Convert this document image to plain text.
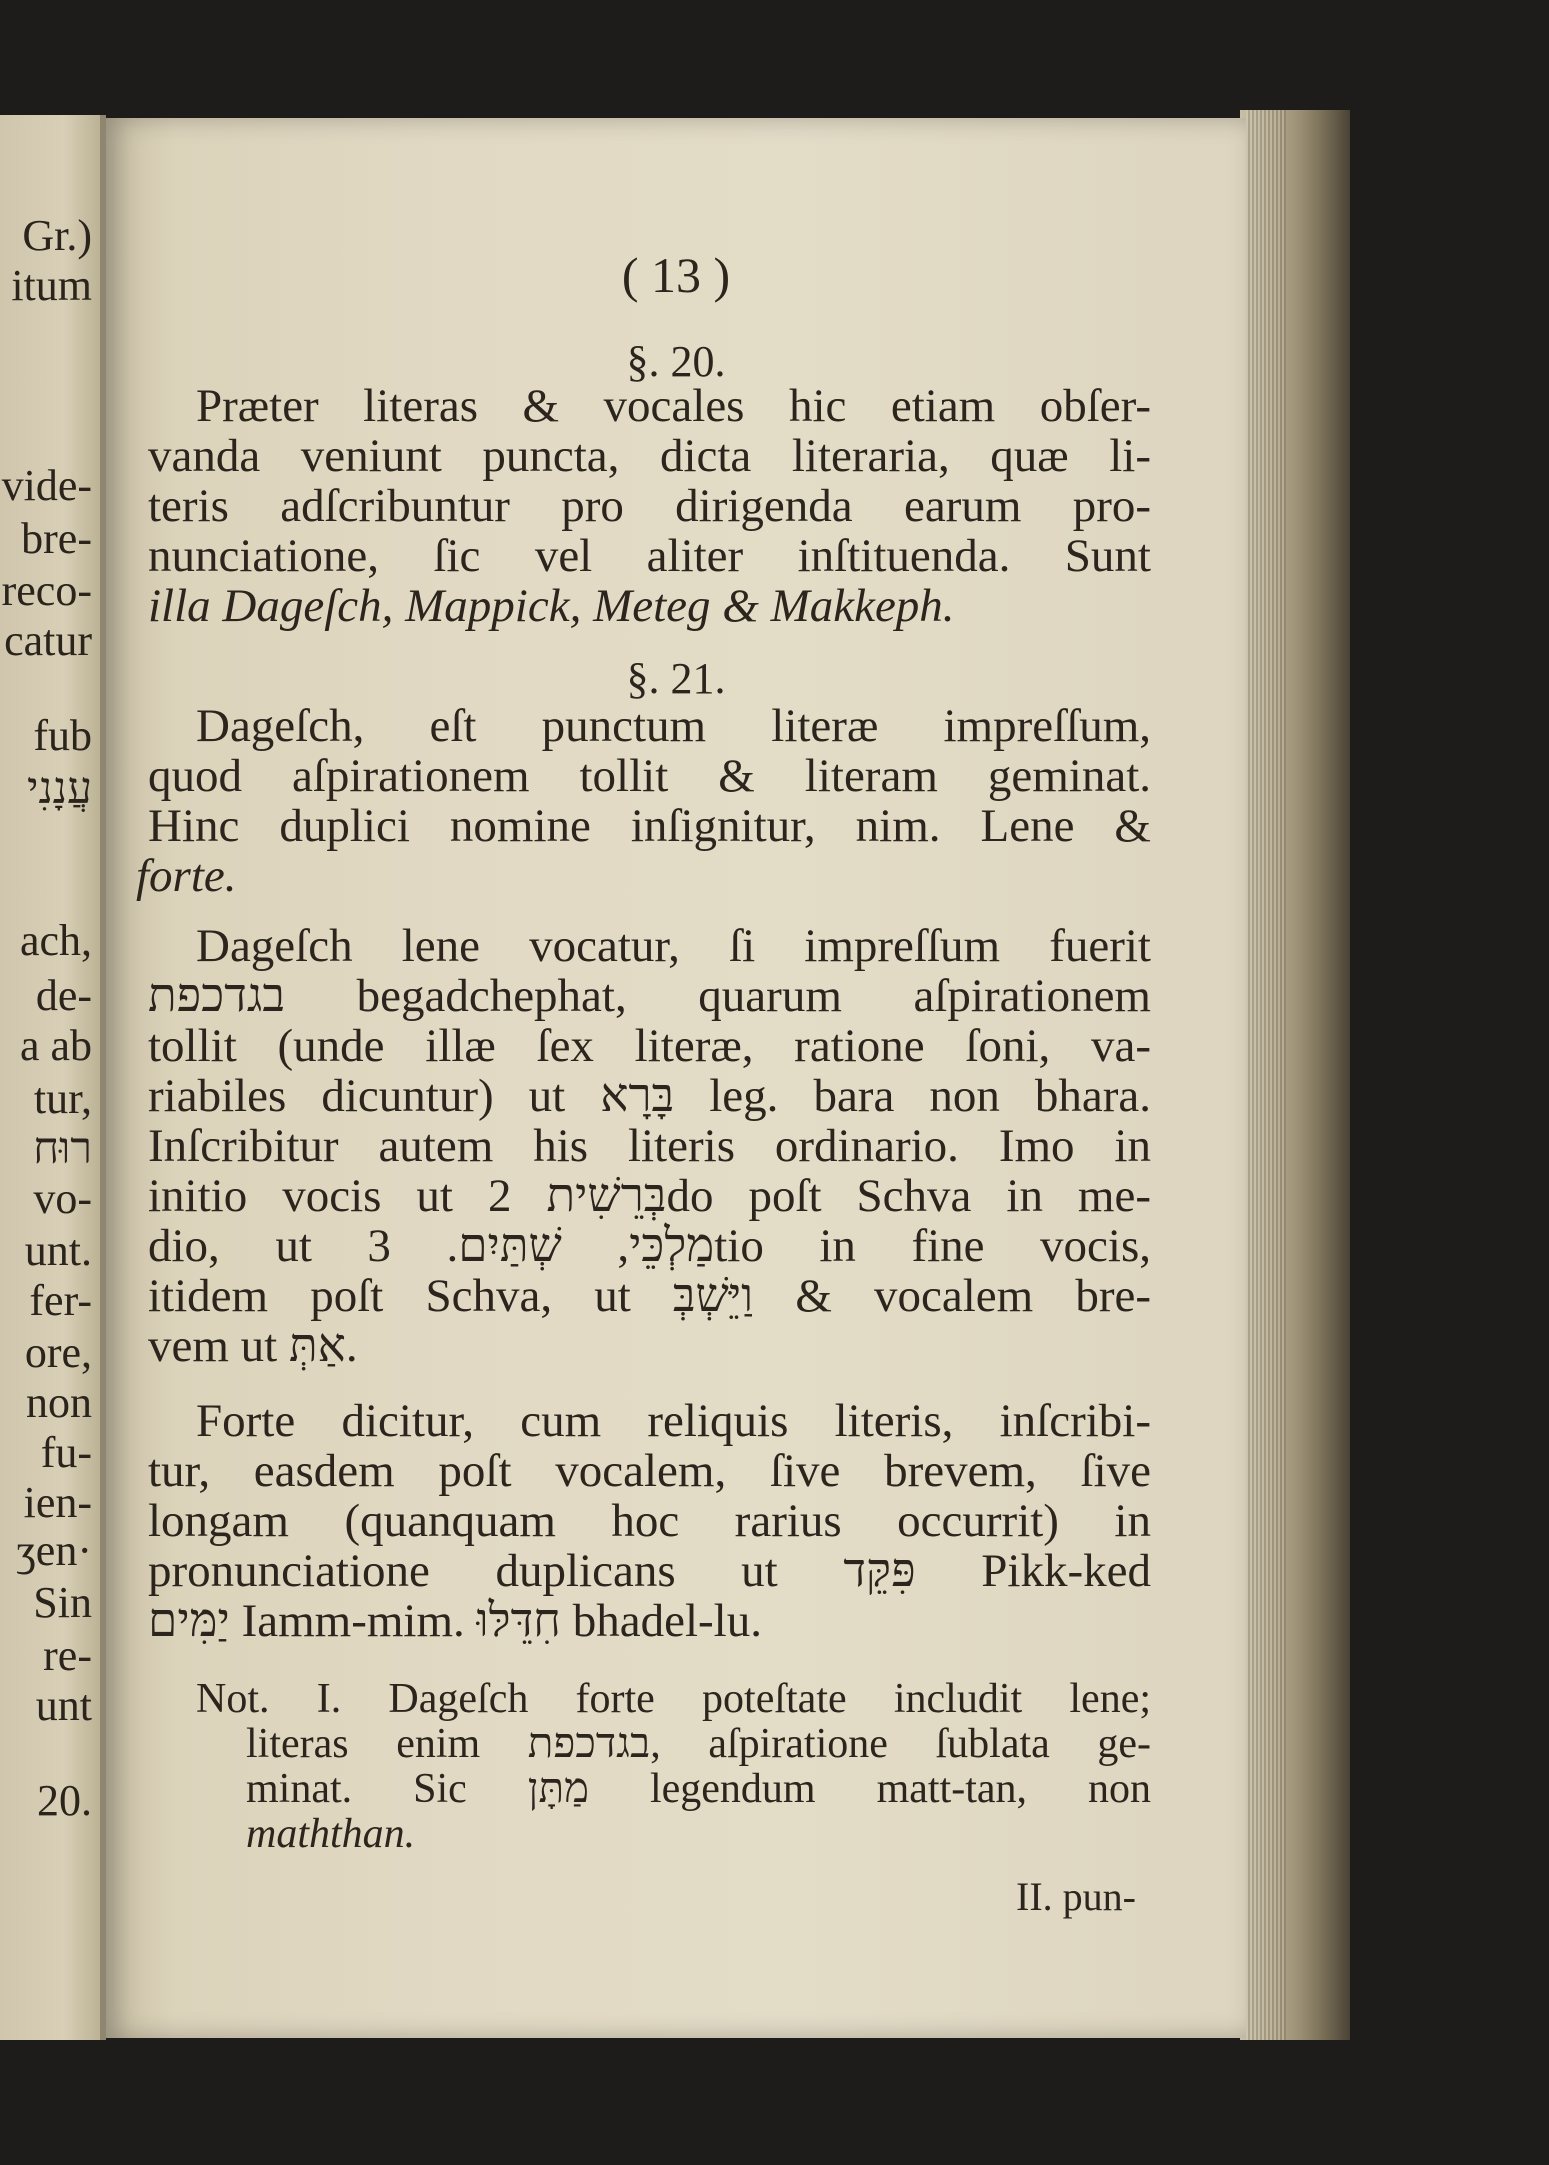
Gr.)
itum
vide-
bre-
reco-
catur
fub
עֲנָנִי
ach,
de-
a ab
tur,
רוּח
vo-
unt.
fer-
ore,
non
fu-
ien-
ʒen·
Sin
re-
unt
20.
( 13 )
§. 20.
Præter literas & vocales hic etiam obſer-
vanda veniunt puncta, dicta literaria, quæ li-
teris adſcribuntur pro dirigenda earum pro-
nunciatione, ſic vel aliter inſtituenda. Sunt
illa Dageſch, Mappick, Meteg & Makkeph.
§. 21.
Dageſch, eſt punctum literæ impreſſum,
quod aſpirationem tollit & literam geminat.
Hinc duplici nomine inſignitur, nim. Lene &
forte.
Dageſch lene vocatur, ſi impreſſum fuerit
בגדכפת begadchephat, quarum aſpirationem
tollit (unde illæ ſex literæ, ratione ſoni, va-
riabiles dicuntur) ut בָּרָא leg. bara non bhara.
Inſcribitur autem his literis ordinario. Imo in
initio vocis ut בְּרֵשִׁית 2do poſt Schva in me-
dio, ut מַלְכֵּי, שְׁתַּיִם. 3tio in fine vocis,
itidem poſt Schva, ut וַיֵּשְׁבְּ & vocalem bre-
vem ut אַתְּ.
Forte dicitur, cum reliquis literis, inſcribi-
tur, easdem poſt vocalem, ſive brevem, ſive
longam (quanquam hoc rarius occurrit) in
pronunciatione duplicans ut פִּקֵּד Pikk-ked
יַמִּים Iamm-mim. חִדֵּלּוּ bhadel-lu.
Not. I. Dageſch forte poteſtate includit lene;
literas enim בגדכפת, aſpiratione ſublata ge-
minat. Sic מַתָּן legendum matt-tan, non
maththan.
II. pun-
